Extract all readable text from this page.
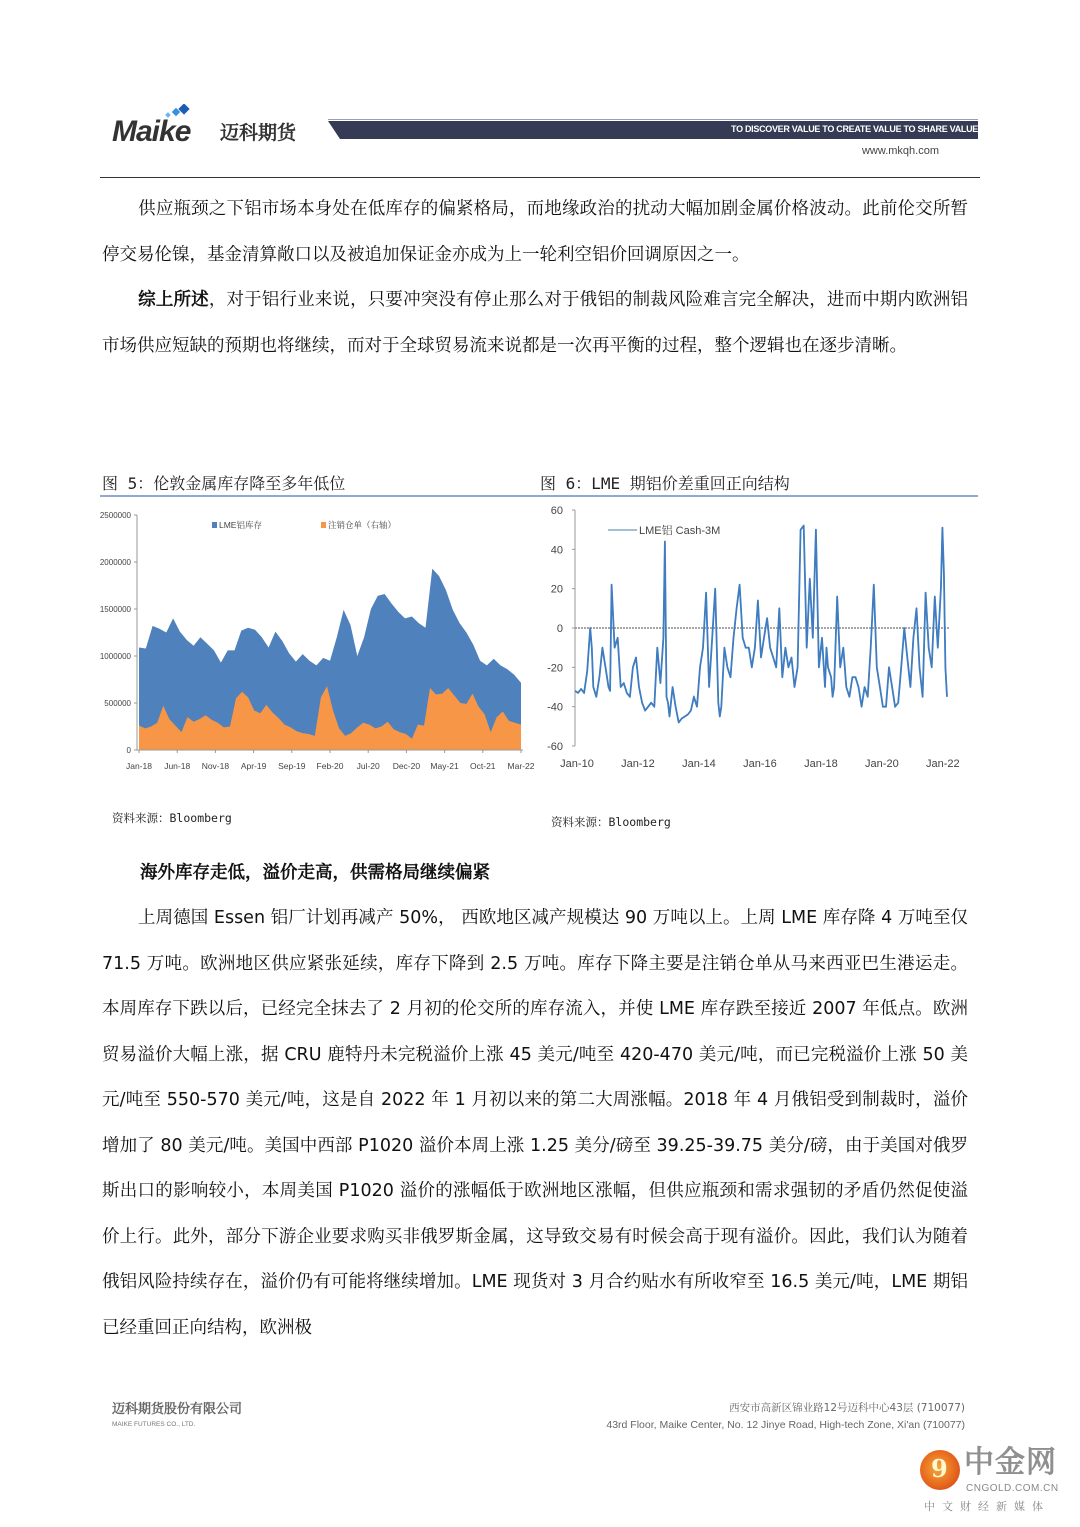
Maike 迈科期货	TO DISCOVER VALUE TO CREATE VALUE TO SHARE VALUE
www.mkqh.com
供应瓶颈之下铝市场本身处在低库存的偏紧格局，而地缘政治的扰动大幅加剧金属价格波动。此前伦交所暂停交易伦镍，基金清算敞口以及被追加保证金亦成为上一轮利空铝价回调原因之一。
综上所述，对于铝行业来说，只要冲突没有停止那么对于俄铝的制裁风险难言完全解决，进而中期内欧洲铝市场供应短缺的预期也将继续，而对于全球贸易流来说都是一次再平衡的过程，整个逻辑也在逐步清晰。
图 5：伦敦金属库存降至多年低位
0
500000
1000000
1500000
2000000
2500000
Jan-18 Jun-18 Nov-18 Apr-19 Sep-19 Feb-20 Jul-20 Dec-20 May-21 Oct-21 Mar-22
LME铝库存	注销仓单（右轴）
资料来源：Bloomberg
图 6：LME 期铝价差重回正向结构
-60
-40
-20
0
20
40
60
Jan-10 Jan-12 Jan-14 Jan-16 Jan-18 Jan-20 Jan-22
LME铝 Cash-3M
资料来源：Bloomberg
海外库存走低，溢价走高，供需格局继续偏紧
上周德国 Essen 铝厂计划再减产 50%， 西欧地区减产规模达 90 万吨以上。上周 LME 库存降 4 万吨至仅 71.5 万吨。欧洲地区供应紧张延续，库存下降到 2.5 万吨。库存下降主要是注销仓单从马来西亚巴生港运走。本周库存下跌以后，已经完全抹去了 2 月初的伦交所的库存流入，并使 LME 库存跌至接近 2007 年低点。欧洲贸易溢价大幅上涨，据 CRU 鹿特丹未完税溢价上涨 45 美元/吨至 420-470 美元/吨，而已完税溢价上涨 50 美元/吨至 550-570 美元/吨，这是自 2022 年 1 月初以来的第二大周涨幅。2018 年 4 月俄铝受到制裁时，溢价增加了 80 美元/吨。美国中西部 P1020 溢价本周上涨 1.25 美分/磅至 39.25-39.75 美分/磅，由于美国对俄罗斯出口的影响较小，本周美国 P1020 溢价的涨幅低于欧洲地区涨幅，但供应瓶颈和需求强韧的矛盾仍然促使溢价上行。此外，部分下游企业要求购买非俄罗斯金属，这导致交易有时候会高于现有溢价。因此，我们认为随着俄铝风险持续存在，溢价仍有可能将继续增加。LME 现货对 3 月合约贴水有所收窄至 16.5 美元/吨，LME 期铝已经重回正向结构，欧洲极
迈科期货股份有限公司
MAIKE FUTURES CO., LTD.
西安市高新区锦业路12号迈科中心43层 (710077)
43rd Floor, Maike Center, No. 12 Jinye Road, High-tech Zone, Xi'an (710077)
9 中金网
CNGOLD.COM.CN
中文财经新媒体
